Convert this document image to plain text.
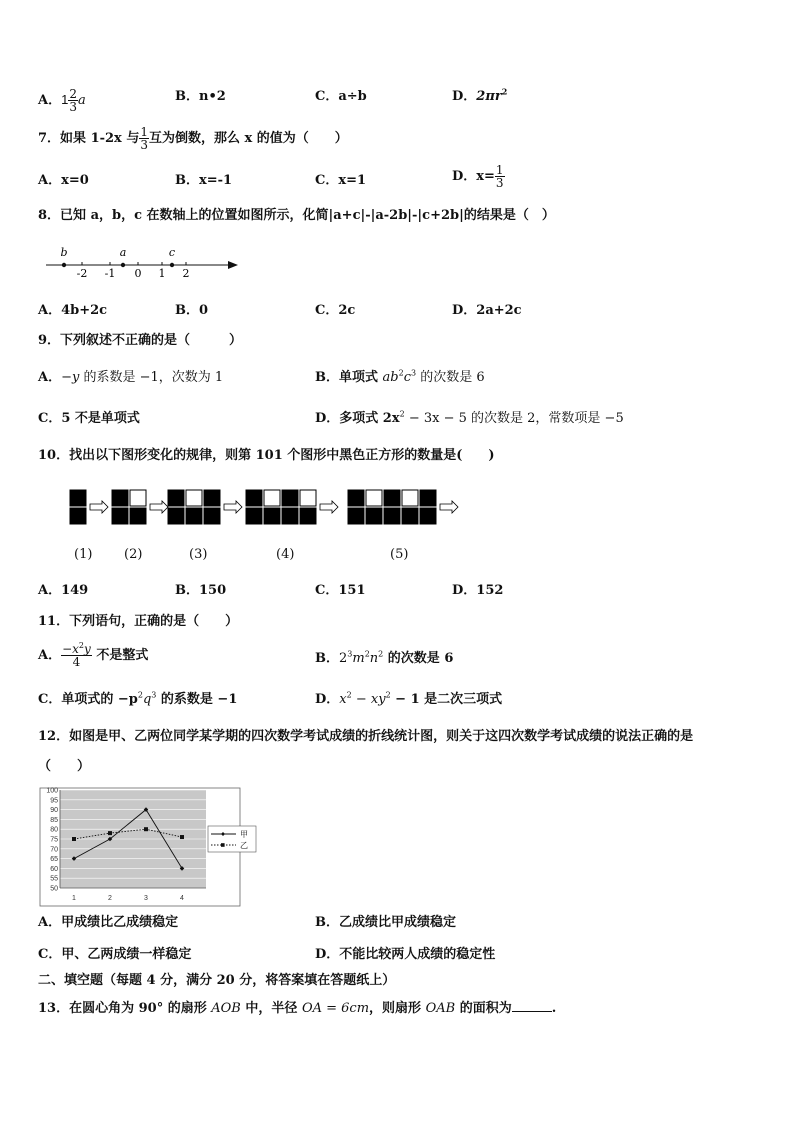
A．$1 \frac{2}{3}$ a	B．n•2	C．a÷b	D．$2\pi r^2$
7．如果 1-2x 与 $\frac{1}{3}$ 互为倒数，那么 x 的值为（　　）
A．x=0	B．x=-1	C．x=1	D．$x= \frac{1}{3}$
8．已知 a，b，c 在数轴上的位置如图所示，化简|a+c|-|a-2b|-|c+2b|的结果是（　）
-2 -1 0 1 2
b	a	c
A．4b+2c	B．0	C．2c	D．2a+2c
9．下列叙述不正确的是（　　　）
A．−y 的系数是 −1，次数为 1	B．单项式 $ab^2c^3$ 的次数是 6
C．5 不是单项式	D．多项式 $2x^2 - 3x - 5$ 的次数是 2，常数项是 −5
10．找出以下图形变化的规律，则第 101 个图形中黑色正方形的数量是(　　)
(1) (2)	(3)	(4)	(5)
A．149	B．150	C．151	D．152
11．下列语句，正确的是（　　）
A． $\frac{-x^2y}{4}$ 不是整式	B．$2^3m^2n^2$ 的次数是 6
C．单项式的 $-p^2q^3$ 的系数是 −1	D．$x^2 - xy^2 - 1$ 是二次三项式
12．如图是甲、乙两位同学某学期的四次数学考试成绩的折线统计图，则关于这四次数学考试成绩的说法正确的是
（　　）
50
55
60
65
70
75
80
85
90
95
100
1	2	3	4
甲
乙
A．甲成绩比乙成绩稳定	B．乙成绩比甲成绩稳定
C．甲、乙两成绩一样稳定	D．不能比较两人成绩的稳定性
二、填空题（每题 4 分，满分 20 分，将答案填在答题纸上）
13．在圆心角为 90° 的扇形 AOB 中，半径 OA = 6cm，则扇形 OAB 的面积为	.
